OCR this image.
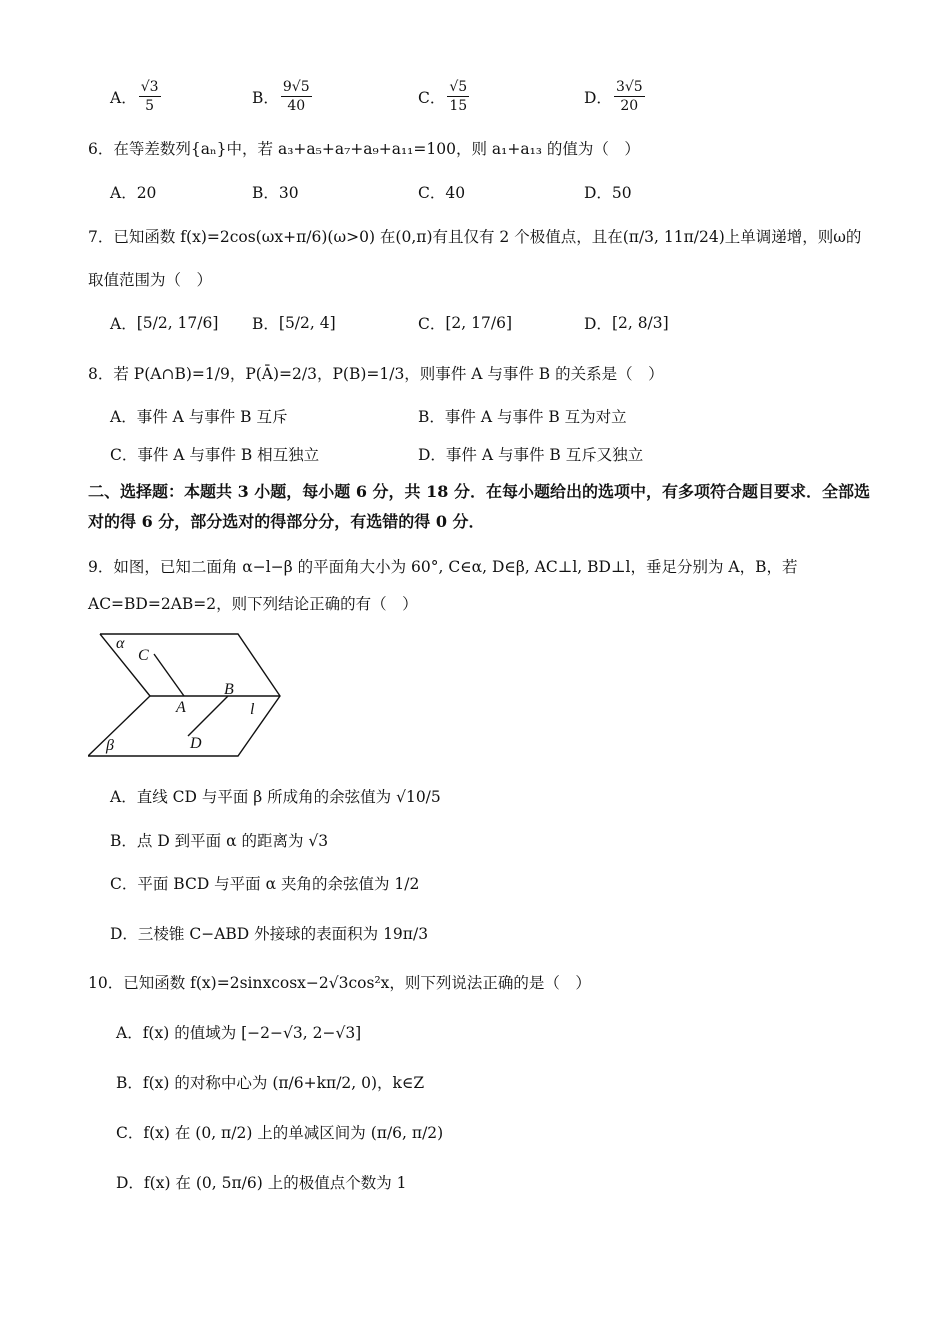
A． $\frac{√3}{5}$	B． $\frac{9√5}{40}$	C． $\frac{√5}{15}$	D． $\frac{3√5}{20}$
6．在等差数列{aₙ}中，若 a₃+a₅+a₇+a₉+a₁₁=100，则 a₁+a₁₃ 的值为（　）
A．20	B．30	C．40	D．50
7．已知函数 f(x)=2cos(ωx+π/6)(ω>0) 在(0,π)有且仅有 2 个极值点，且在(π/3, 11π/24)上单调递增，则ω的
取值范围为（　）
A． [5/2, 17/6] B． [5/2, 4]	C． [2, 17/6]	D． [2, 8/3]
8．若 P(A∩B)=1/9，P(Ā)=2/3，P(B)=1/3，则事件 A 与事件 B 的关系是（　）
A．事件 A 与事件 B 互斥	B．事件 A 与事件 B 互为对立
C．事件 A 与事件 B 相互独立	D．事件 A 与事件 B 互斥又独立
二、选择题：本题共 3 小题，每小题 6 分，共 18 分．在每小题给出的选项中，有多项符合题目要求．全部选对的得 6 分，部分选对的得部分分，有选错的得 0 分．
9．如图，已知二面角 α−l−β 的平面角大小为 60°, C∈α, D∈β, AC⊥l, BD⊥l，垂足分别为 A，B，若
AC=BD=2AB=2，则下列结论正确的有（　）
α
C
A
B
l
D
β
A．直线 CD 与平面 β 所成角的余弦值为 √10/5
B．点 D 到平面 α 的距离为 √3
C．平面 BCD 与平面 α 夹角的余弦值为 1/2
D．三棱锥 C−ABD 外接球的表面积为 19π/3
10．已知函数 f(x)=2sinxcosx−2√3cos²x，则下列说法正确的是（　）
A．f(x) 的值域为 [−2−√3, 2−√3]
B．f(x) 的对称中心为 (π/6+kπ/2, 0)，k∈Z
C．f(x) 在 (0, π/2) 上的单减区间为 (π/6, π/2)
D．f(x) 在 (0, 5π/6) 上的极值点个数为 1
